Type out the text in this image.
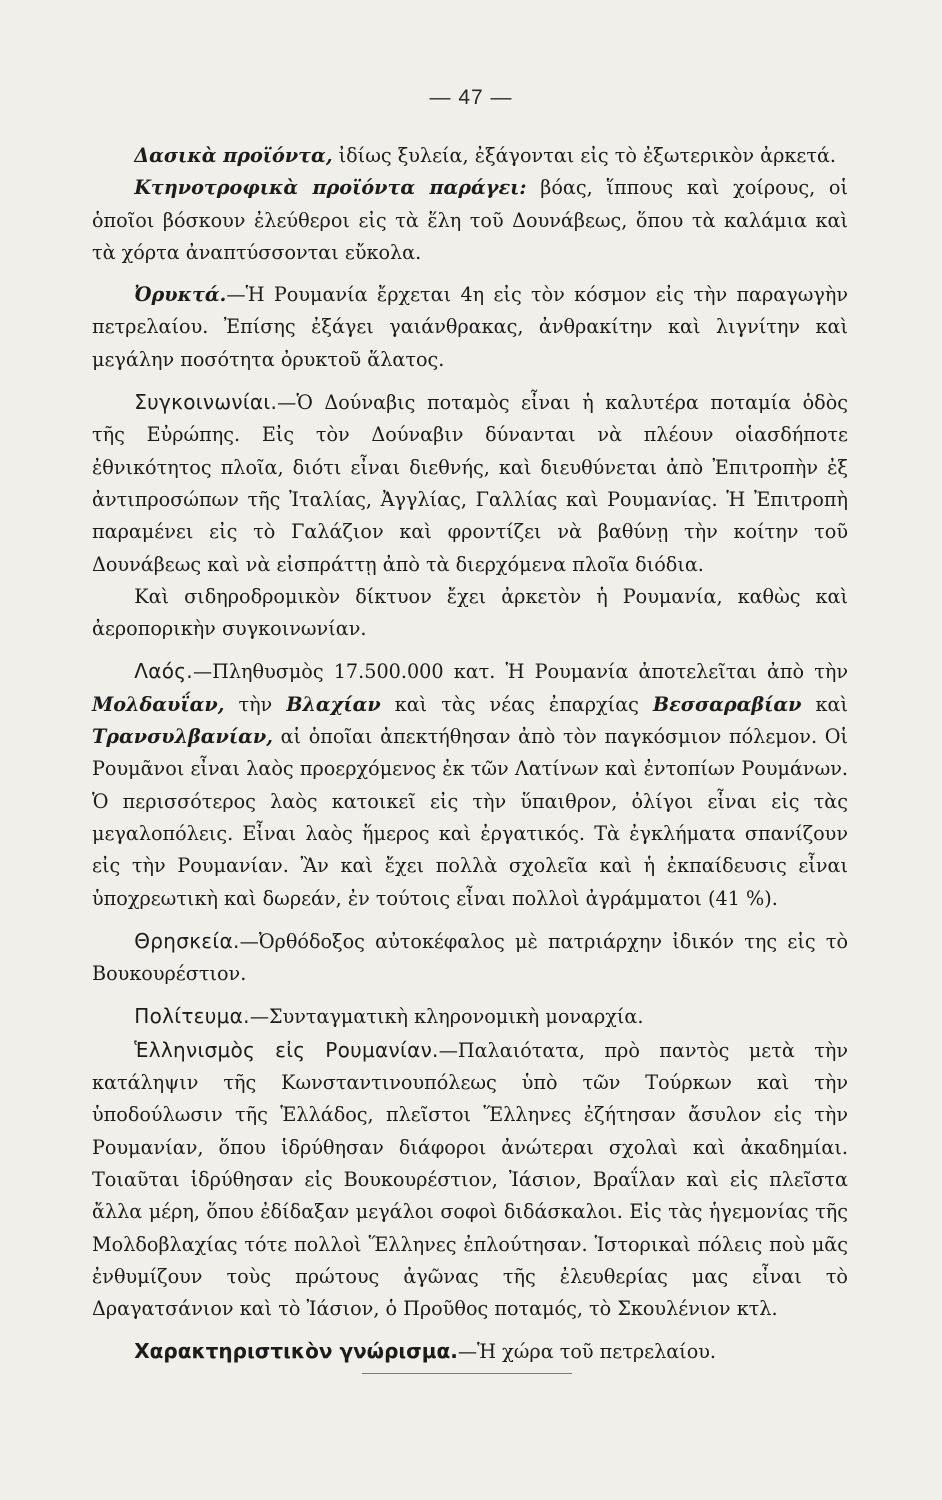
— 47 —

Δασικὰ προϊόντα, ἰδίως ξυλεία, ἐξάγονται εἰς τὸ ἐξωτερικὸν ἀρκετά.

Κτηνοτροφικὰ προϊόντα παράγει: βόας, ἵππους καὶ χοίρους, οἱ ὁποῖοι βόσκουν ἐλεύθεροι εἰς τὰ ἕλη τοῦ Δουνάβεως, ὅπου τὰ καλάμια καὶ τὰ χόρτα ἀναπτύσσονται εὔκολα.

Ὀρυκτά.—Ἡ Ρουμανία ἔρχεται 4η εἰς τὸν κόσμον εἰς τὴν παραγωγὴν πετρελαίου. Ἐπίσης ἐξάγει γαιάνθρακας, ἀνθρακίτην καὶ λιγνίτην καὶ μεγάλην ποσότητα ὀρυκτοῦ ἅλατος.

Συγκοινωνίαι.—Ὁ Δούναβις ποταμὸς εἶναι ἡ καλυτέρα ποταμία ὁδὸς τῆς Εὐρώπης. Εἰς τὸν Δούναβιν δύνανται νὰ πλέουν οἱασδήποτε ἐθνικότητος πλοῖα, διότι εἶναι διεθνής, καὶ διευθύνεται ἀπὸ Ἐπιτροπὴν ἐξ ἀντιπροσώπων τῆς Ἰταλίας, Ἀγγλίας, Γαλλίας καὶ Ρουμανίας. Ἡ Ἐπιτροπὴ παραμένει εἰς τὸ Γαλάζιον καὶ φροντίζει νὰ βαθύνῃ τὴν κοίτην τοῦ Δουνάβεως καὶ νὰ εἰσπράττῃ ἀπὸ τὰ διερχόμενα πλοῖα διόδια.

Καὶ σιδηροδρομικὸν δίκτυον ἔχει ἀρκετὸν ἡ Ρουμανία, καθὼς καὶ ἀεροπορικὴν συγκοινωνίαν.

Λαός.—Πληθυσμὸς 17.500.000 κατ. Ἡ Ρουμανία ἀποτελεῖται ἀπὸ τὴν Μολδαυΐαν, τὴν Βλαχίαν καὶ τὰς νέας ἐπαρχίας Βεσσαραβίαν καὶ Τρανσυλβανίαν, αἱ ὁποῖαι ἀπεκτήθησαν ἀπὸ τὸν παγκόσμιον πόλεμον. Οἱ Ρουμᾶνοι εἶναι λαὸς προερχόμενος ἐκ τῶν Λατίνων καὶ ἐντοπίων Ρουμάνων. Ὁ περισσότερος λαὸς κατοικεῖ εἰς τὴν ὕπαιθρον, ὀλίγοι εἶναι εἰς τὰς μεγαλοπόλεις. Εἶναι λαὸς ἥμερος καὶ ἐργατικός. Τὰ ἐγκλήματα σπανίζουν εἰς τὴν Ρουμανίαν. Ἂν καὶ ἔχει πολλὰ σχολεῖα καὶ ἡ ἐκπαίδευσις εἶναι ὑποχρεωτικὴ καὶ δωρεάν, ἐν τούτοις εἶναι πολλοὶ ἀγράμματοι (41 %).

Θρησκεία.—Ὀρθόδοξος αὐτοκέφαλος μὲ πατριάρχην ἰδικόν της εἰς τὸ Βουκουρέστιον.

Πολίτευμα.—Συνταγματικὴ κληρονομικὴ μοναρχία.

Ἑλληνισμὸς εἰς Ρουμανίαν.—Παλαιότατα, πρὸ παντὸς μετὰ τὴν κατάληψιν τῆς Κωνσταντινουπόλεως ὑπὸ τῶν Τούρκων καὶ τὴν ὑποδούλωσιν τῆς Ἑλλάδος, πλεῖστοι Ἕλληνες ἐζήτησαν ἄσυλον εἰς τὴν Ρουμανίαν, ὅπου ἱδρύθησαν διάφοροι ἀνώτεραι σχολαὶ καὶ ἀκαδημίαι. Τοιαῦται ἱδρύθησαν εἰς Βουκουρέστιον, Ἰάσιον, Βραΐλαν καὶ εἰς πλεῖστα ἄλλα μέρη, ὅπου ἐδίδαξαν μεγάλοι σοφοὶ διδάσκαλοι. Εἰς τὰς ἡγεμονίας τῆς Μολδοβλαχίας τότε πολλοὶ Ἕλληνες ἐπλούτησαν. Ἱστορικαὶ πόλεις ποὺ μᾶς ἐνθυμίζουν τοὺς πρώτους ἀγῶνας τῆς ἐλευθερίας μας εἶναι τὸ Δραγατσάνιον καὶ τὸ Ἰάσιον, ὁ Προῦθος ποταμός, τὸ Σκουλένιον κτλ.

Χαρακτηριστικὸν γνώρισμα.—Ἡ χώρα τοῦ πετρελαίου.
